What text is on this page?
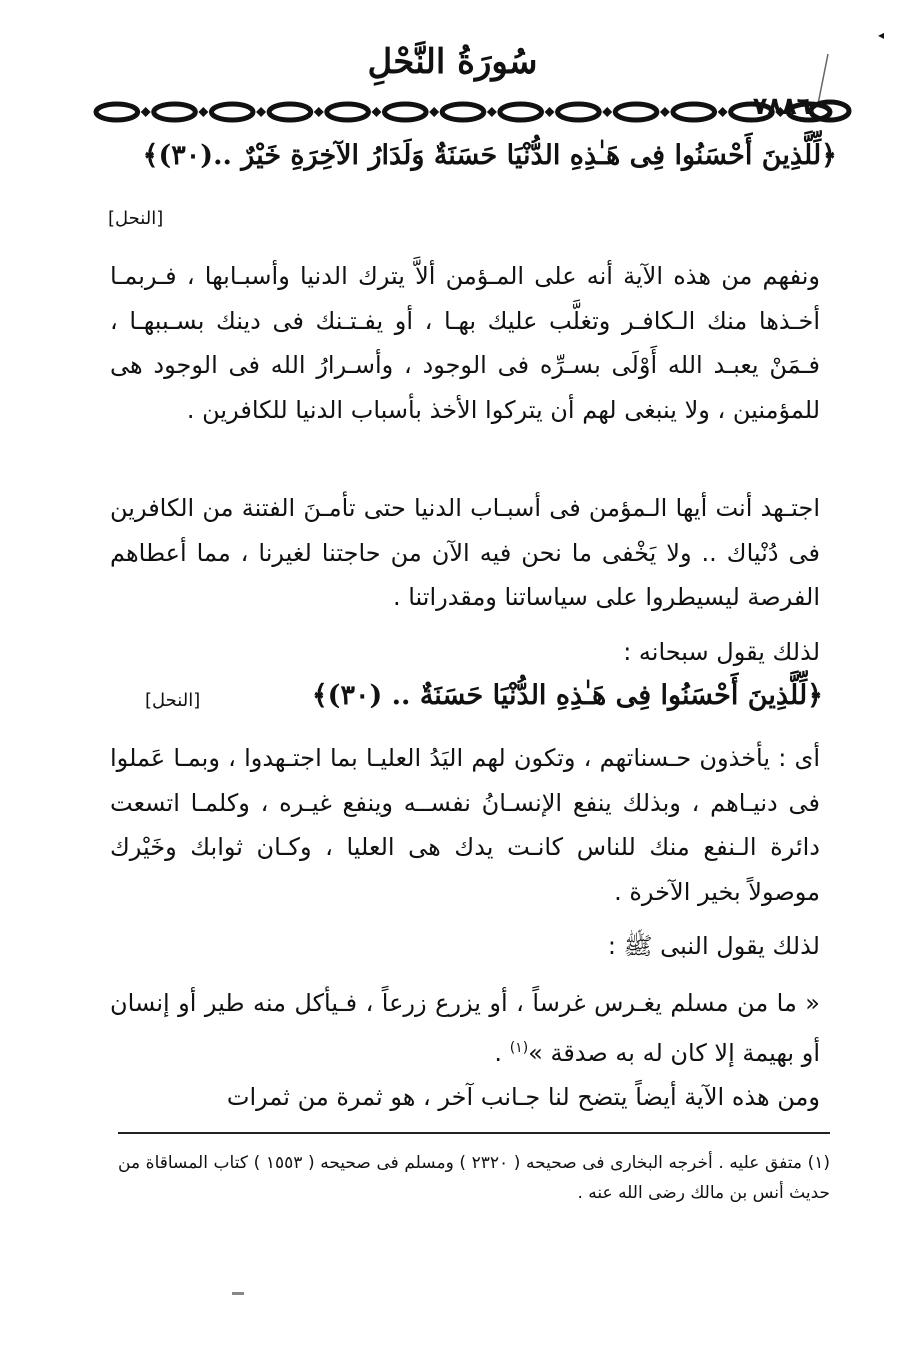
◂
سُورَةُ النَّحْلِ
٧٨٨٦
﴿لِّلَّذِينَ أَحْسَنُوا فِى هَـٰذِهِ الدُّنْيَا حَسَنَةٌ وَلَدَارُ الآخِرَةِ خَيْرٌ ..(٣٠)﴾
[النحل]
ونفهم من هذه الآية أنه على المـؤمن ألاَّ يترك الدنيا وأسبـابها ، فـربمـا أخـذها منك الـكافـر وتغلَّب عليك بهـا ، أو يفـتـنك فى دينك بسـببهـا ، فـمَنْ يعبـد الله أَوْلَى بسـرِّه فى الوجود ، وأسـرارُ الله فى الوجود هى للمؤمنين ، ولا ينبغى لهم أن يتركوا الأخذ بأسباب الدنيا للكافرين .
اجتـهد أنت أيها الـمؤمن فى أسبـاب الدنيا حتى تأمـنَ الفتنة من الكافرين فى دُنْياك .. ولا يَخْفى ما نحن فيه الآن من حاجتنا لغيرنا ، مما أعطاهم الفرصة ليسيطروا على سياساتنا ومقدراتنا .
لذلك يقول سبحانه :
﴿لِّلَّذِينَ أَحْسَنُوا فِى هَـٰذِهِ الدُّنْيَا حَسَنَةٌ .. (٣٠)﴾
[النحل]
أى : يأخذون حـسناتهم ، وتكون لهم اليَدُ العليـا بما اجتـهدوا ، وبمـا عَملوا فى دنيـاهم ، وبذلك ينفع الإنسـانُ نفســه وينفع غيـره ، وكلمـا اتسعت دائرة الـنفع منك للناس كانـت يدك هى العليا ، وكـان ثوابك وخَيْرك موصولاً بخير الآخرة .
لذلك يقول النبى ﷺ :
« ما من مسلم يغـرس غرساً ، أو يزرع زرعاً ، فـيأكل منه طير أو إنسان أو بهيمة إلا كان له به صدقة »$^{(١)}$ .
ومن هذه الآية أيضاً يتضح لنا جـانب آخر ، هو ثمرة من ثمرات
(١) متفق عليه . أخرجه البخارى فى صحيحه ( ٢٣٢٠ ) ومسلم فى صحيحه ( ١٥٥٣ ) كتاب المساقاة من حديث أنس بن مالك رضى الله عنه .
